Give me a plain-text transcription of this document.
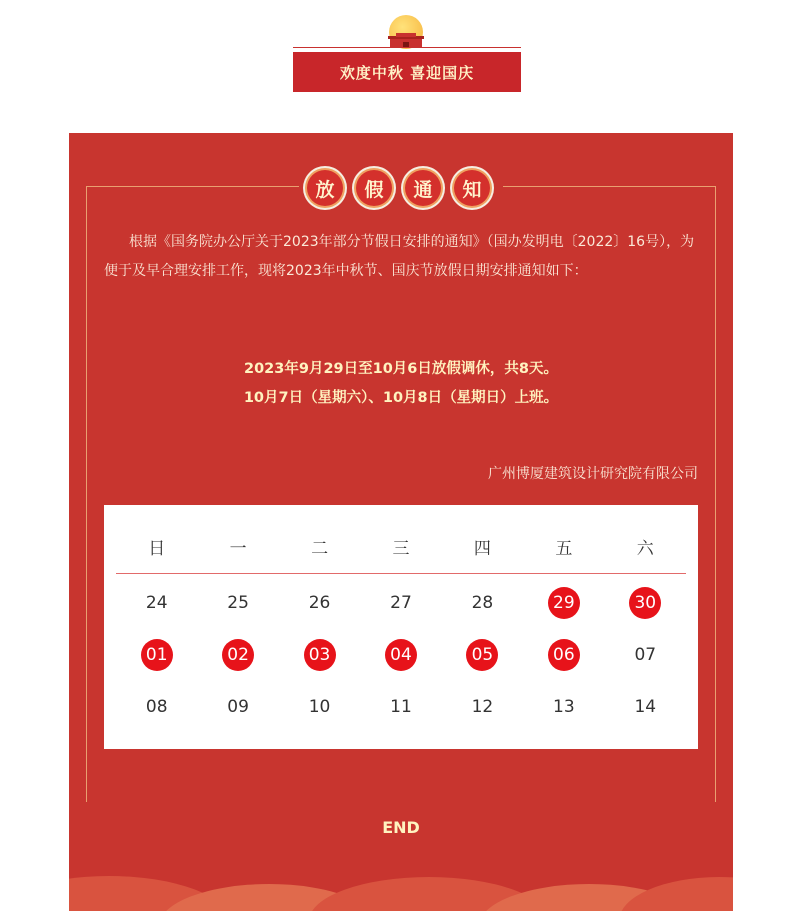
欢度中秋 喜迎国庆
放	假	通	知

根据《国务院办公厅关于2023年部分节假日安排的通知》（国办发明电〔2022〕16号），为便于及早合理安排工作，现将2023年中秋节、国庆节放假日期安排通知如下：

2023年9月29日至10月6日放假调休，共8天。
10月7日（星期六）、10月8日（星期日）上班。
广州博厦建筑设计研究院有限公司
日	一	二	三	四	五	六
24	25	26	27	28	29	30
01	02	03	04	05	06	07
08	09	10	11	12	13	14
END
